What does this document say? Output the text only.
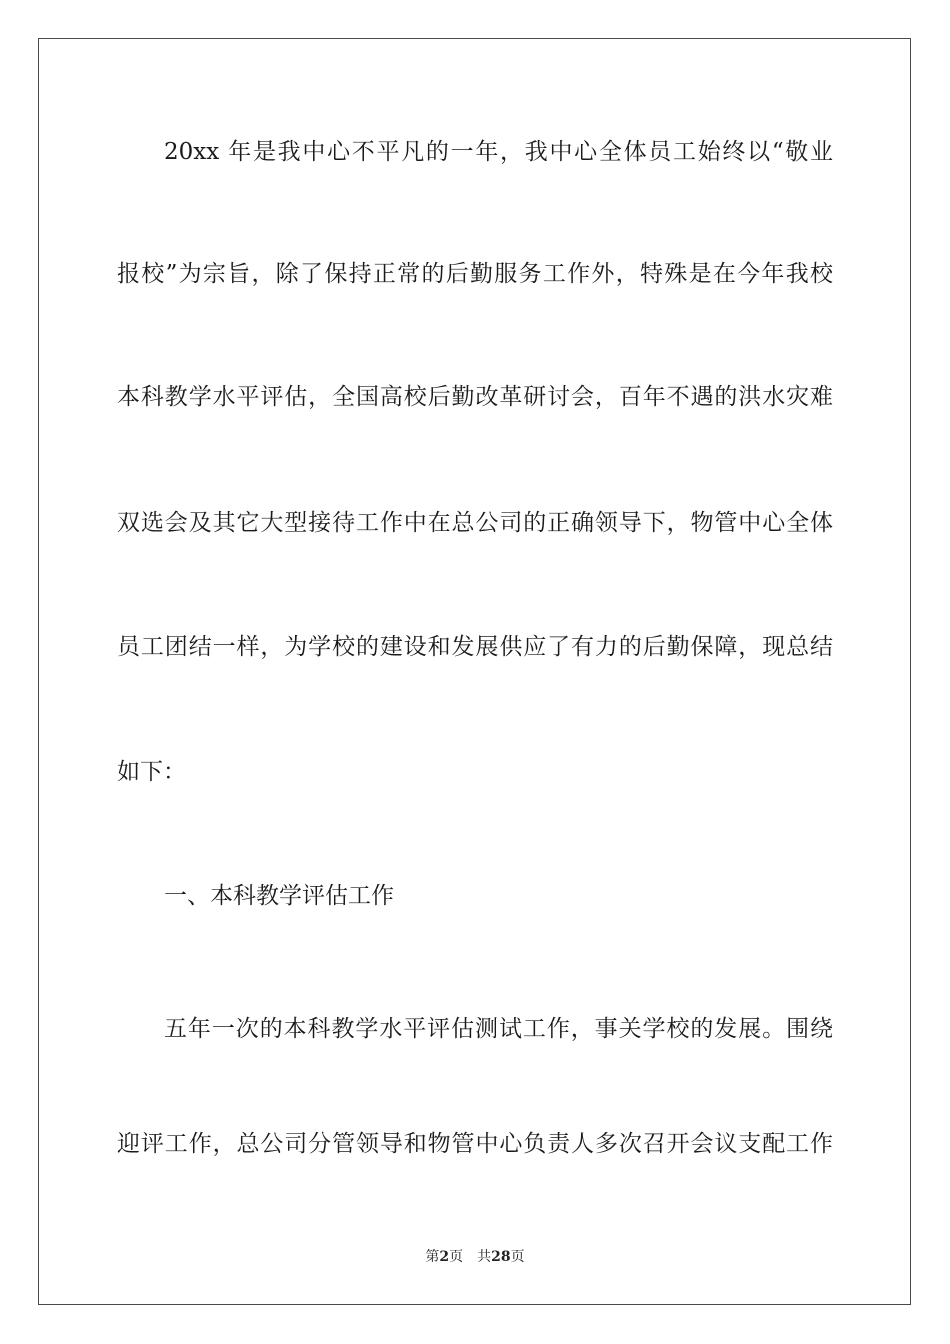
20xx 年是我中心不平凡的一年，我中心全体员工始终以“敬业

报校”为宗旨，除了保持正常的后勤服务工作外，特殊是在今年我校

本科教学水平评估，全国高校后勤改革研讨会，百年不遇的洪水灾难

双选会及其它大型接待工作中在总公司的正确领导下，物管中心全体

员工团结一样，为学校的建设和发展供应了有力的后勤保障，现总结

如下：

一、本科教学评估工作

五年一次的本科教学水平评估测试工作，事关学校的发展。围绕

迎评工作，总公司分管领导和物管中心负责人多次召开会议支配工作

第2页 共28页
